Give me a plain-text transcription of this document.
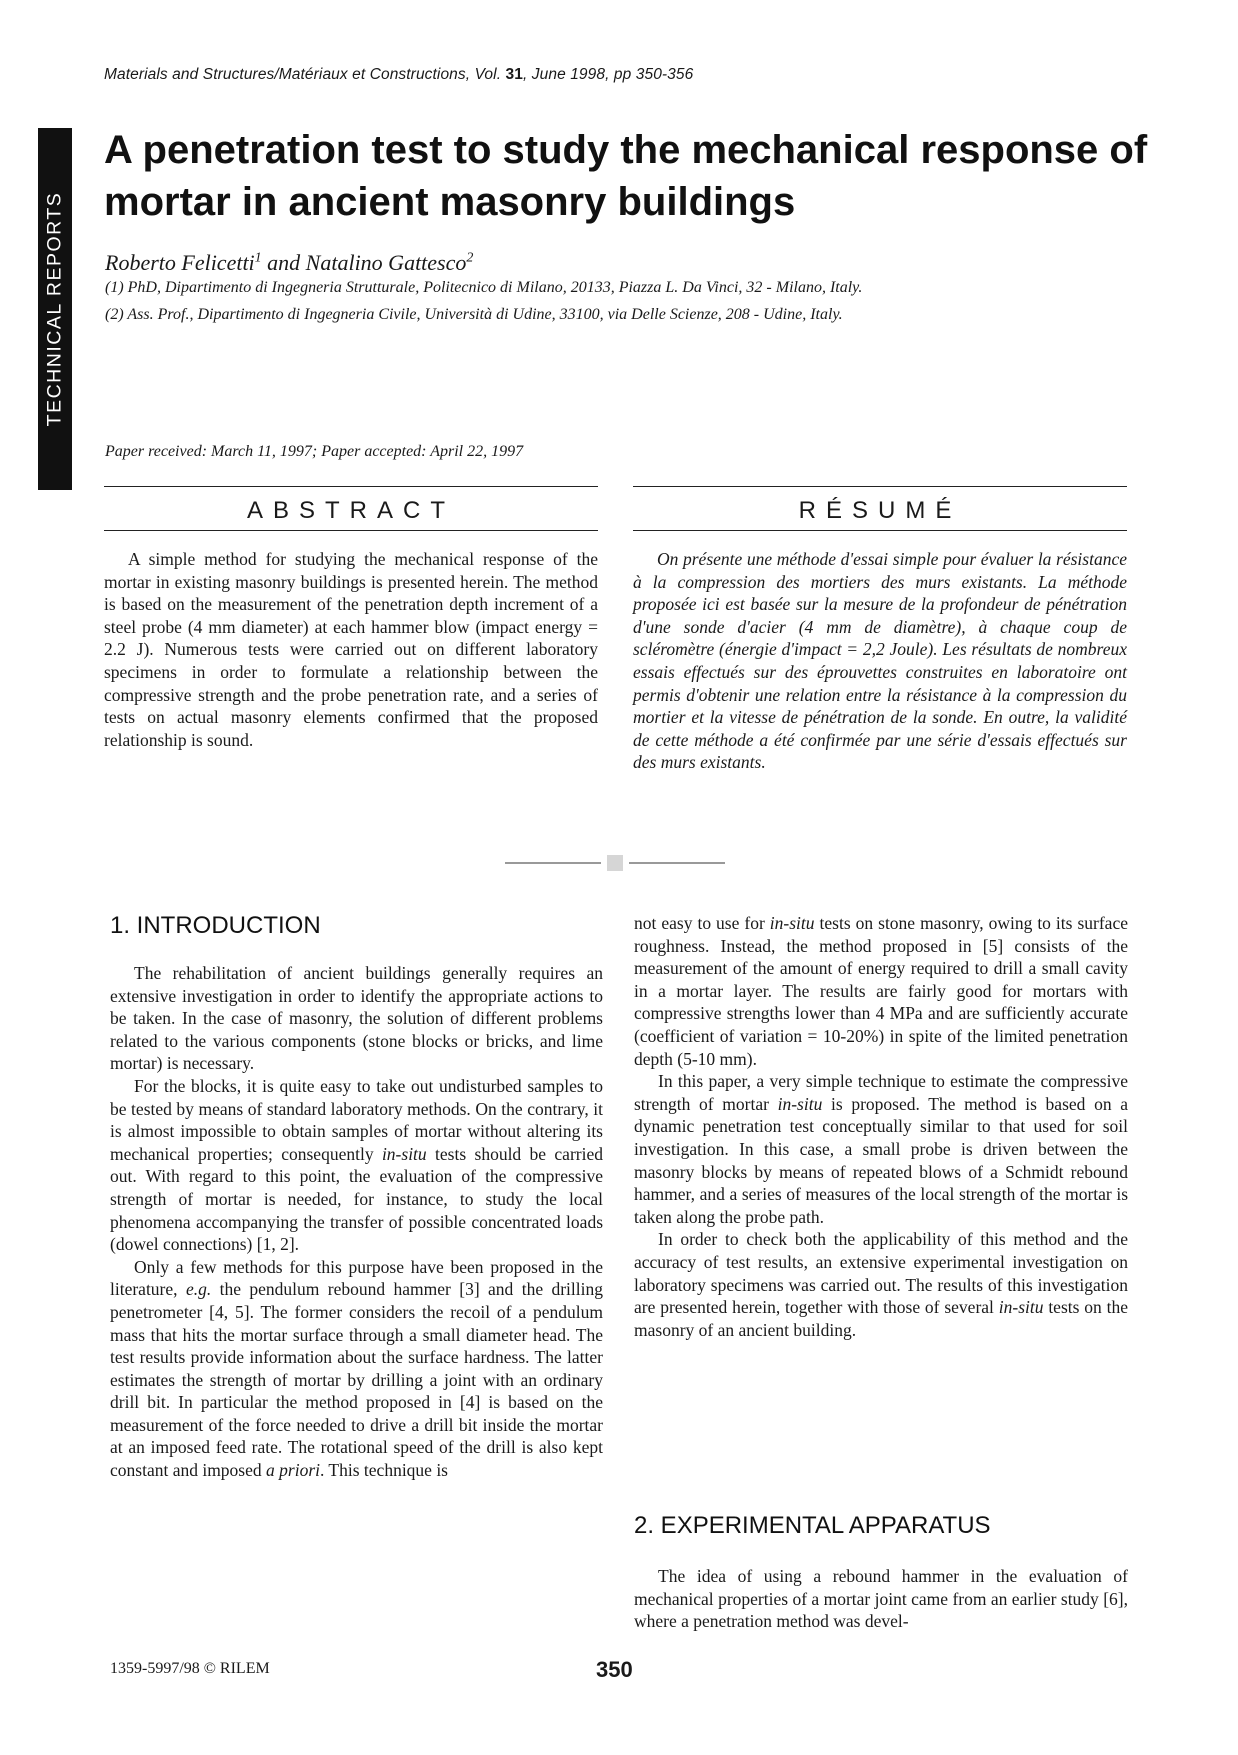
Materials and Structures/Matériaux et Constructions, Vol. 31, June 1998, pp 350-356
TECHNICAL REPORTS
A penetration test to study the mechanical response of mortar in ancient masonry buildings
Roberto Felicetti$^1$ and Natalino Gattesco$^2$
(1) PhD, Dipartimento di Ingegneria Strutturale, Politecnico di Milano, 20133, Piazza L. Da Vinci, 32 - Milano, Italy.
(2) Ass. Prof., Dipartimento di Ingegneria Civile, Università di Udine, 33100, via Delle Scienze, 208 - Udine, Italy.
Paper received: March 11, 1997; Paper accepted: April 22, 1997
ABSTRACT

A simple method for studying the mechanical response of the mortar in existing masonry buildings is presented herein. The method is based on the measurement of the penetration depth increment of a steel probe (4 mm diameter) at each hammer blow (impact energy = 2.2 J). Numerous tests were carried out on different laboratory specimens in order to formulate a relationship between the compressive strength and the probe penetration rate, and a series of tests on actual masonry elements confirmed that the proposed relationship is sound.

RÉSUMÉ

On présente une méthode d'essai simple pour évaluer la résistance à la compression des mortiers des murs existants. La méthode proposée ici est basée sur la mesure de la profondeur de pénétration d'une sonde d'acier (4 mm de diamètre), à chaque coup de scléromètre (énergie d'impact = 2,2 Joule). Les résultats de nombreux essais effectués sur des éprouvettes construites en laboratoire ont permis d'obtenir une relation entre la résistance à la compression du mortier et la vitesse de pénétration de la sonde. En outre, la validité de cette méthode a été confirmée par une série d'essais effectués sur des murs existants.

1. INTRODUCTION

The rehabilitation of ancient buildings generally requires an extensive investigation in order to identify the appropriate actions to be taken. In the case of masonry, the solution of different problems related to the various components (stone blocks or bricks, and lime mortar) is necessary.

For the blocks, it is quite easy to take out undisturbed samples to be tested by means of standard laboratory methods. On the contrary, it is almost impossible to obtain samples of mortar without altering its mechanical properties; consequently in-situ tests should be carried out. With regard to this point, the evaluation of the compressive strength of mortar is needed, for instance, to study the local phenomena accompanying the transfer of possible concentrated loads (dowel connections) [1, 2].

Only a few methods for this purpose have been proposed in the literature, e.g. the pendulum rebound hammer [3] and the drilling penetrometer [4, 5]. The former considers the recoil of a pendulum mass that hits the mortar surface through a small diameter head. The test results provide information about the surface hardness. The latter estimates the strength of mortar by drilling a joint with an ordinary drill bit. In particular the method proposed in [4] is based on the measurement of the force needed to drive a drill bit inside the mortar at an imposed feed rate. The rotational speed of the drill is also kept constant and imposed a priori. This technique is

not easy to use for in-situ tests on stone masonry, owing to its surface roughness. Instead, the method proposed in [5] consists of the measurement of the amount of energy required to drill a small cavity in a mortar layer. The results are fairly good for mortars with compressive strengths lower than 4 MPa and are sufficiently accurate (coefficient of variation = 10-20%) in spite of the limited penetration depth (5-10 mm).

In this paper, a very simple technique to estimate the compressive strength of mortar in-situ is proposed. The method is based on a dynamic penetration test conceptually similar to that used for soil investigation. In this case, a small probe is driven between the masonry blocks by means of repeated blows of a Schmidt rebound hammer, and a series of measures of the local strength of the mortar is taken along the probe path.

In order to check both the applicability of this method and the accuracy of test results, an extensive experimental investigation on laboratory specimens was carried out. The results of this investigation are presented herein, together with those of several in-situ tests on the masonry of an ancient building.

2. EXPERIMENTAL APPARATUS

The idea of using a rebound hammer in the evaluation of mechanical properties of a mortar joint came from an earlier study [6], where a penetration method was devel-

1359-5997/98 © RILEM	350
